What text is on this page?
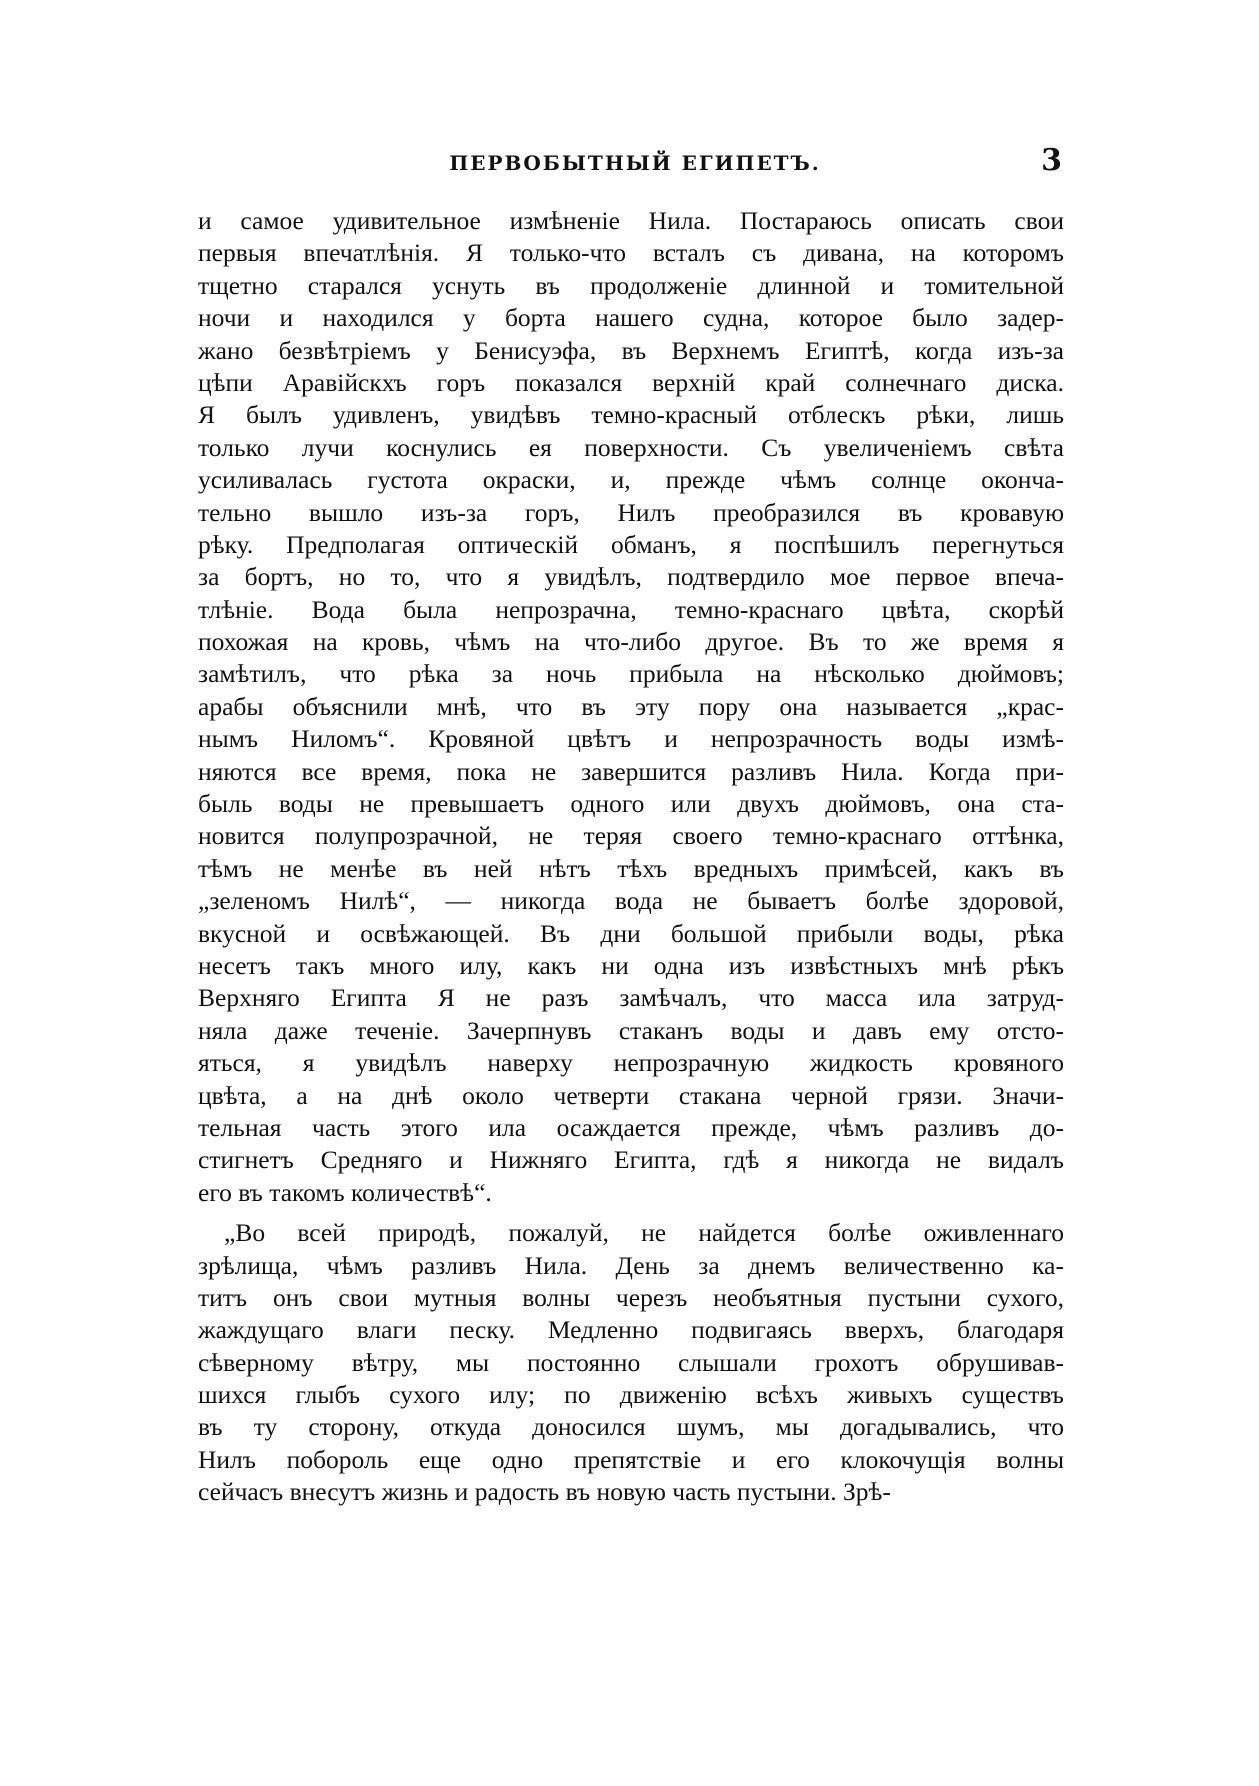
ПЕРВОБЫТНЫЙ ЕГИПЕТЪ.	3
и самое удивительное измѣненіе Нила. Постараюсь описать свои
первыя впечатлѣнія. Я только-что всталъ съ дивана, на которомъ
тщетно старался уснуть въ продолженіе длинной и томительной
ночи и находился у борта нашего судна, которое было задер-
жано безвѣтріемъ у Бенисуэфа, въ Верхнемъ Египтѣ, когда изъ-за
цѣпи Аравійскхъ горъ показался верхній край солнечнаго диска.
Я былъ удивленъ, увидѣвъ темно-красный отблескъ рѣки, лишь
только лучи коснулись ея поверхности. Съ увеличеніемъ свѣта
усиливалась густота окраски, и, прежде чѣмъ солнце оконча-
тельно вышло изъ-за горъ, Нилъ преобразился въ кровавую
рѣку. Предполагая оптическій обманъ, я поспѣшилъ перегнуться
за бортъ, но то, что я увидѣлъ, подтвердило мое первое впеча-
тлѣніе. Вода была непрозрачна, темно-краснаго цвѣта, скорѣй
похожая на кровь, чѣмъ на что-либо другое. Въ то же время я
замѣтилъ, что рѣка за ночь прибыла на нѣсколько дюймовъ;
арабы объяснили мнѣ, что въ эту пору она называется „крас-
нымъ Ниломъ“. Кровяной цвѣтъ и непрозрачность воды измѣ-
няются все время, пока не завершится разливъ Нила. Когда при-
быль воды не превышаетъ одного или двухъ дюймовъ, она ста-
новится полупрозрачной, не теряя своего темно-краснаго оттѣнка,
тѣмъ не менѣе въ ней нѣтъ тѣхъ вредныхъ примѣсей, какъ въ
„зеленомъ Нилѣ“, — никогда вода не бываетъ болѣе здоровой,
вкусной и освѣжающей. Въ дни большой прибыли воды, рѣка
несетъ такъ много илу, какъ ни одна изъ извѣстныхъ мнѣ рѣкъ
Верхняго Египта Я не разъ замѣчалъ, что масса ила затруд-
няла даже теченіе. Зачерпнувъ стаканъ воды и давъ ему отсто-
яться, я увидѣлъ наверху непрозрачную жидкость кровяного
цвѣта, а на днѣ около четверти стакана черной грязи. Значи-
тельная часть этого ила осаждается прежде, чѣмъ разливъ до-
стигнетъ Средняго и Нижняго Египта, гдѣ я никогда не видалъ
его въ такомъ количествѣ“.
„Во всей природѣ, пожалуй, не найдется болѣе оживленнаго
зрѣлища, чѣмъ разливъ Нила. День за днемъ величественно ка-
титъ онъ свои мутныя волны черезъ необъятныя пустыни сухого,
жаждущаго влаги песку. Медленно подвигаясь вверхъ, благодаря
сѣверному вѣтру, мы постоянно слышали грохотъ обрушивав-
шихся глыбъ сухого илу; по движенію всѣхъ живыхъ существъ
въ ту сторону, откуда доносился шумъ, мы догадывались, что
Нилъ побороль еще одно препятствіе и его клокочущія волны
сейчасъ внесутъ жизнь и радость въ новую часть пустыни. Зрѣ-
